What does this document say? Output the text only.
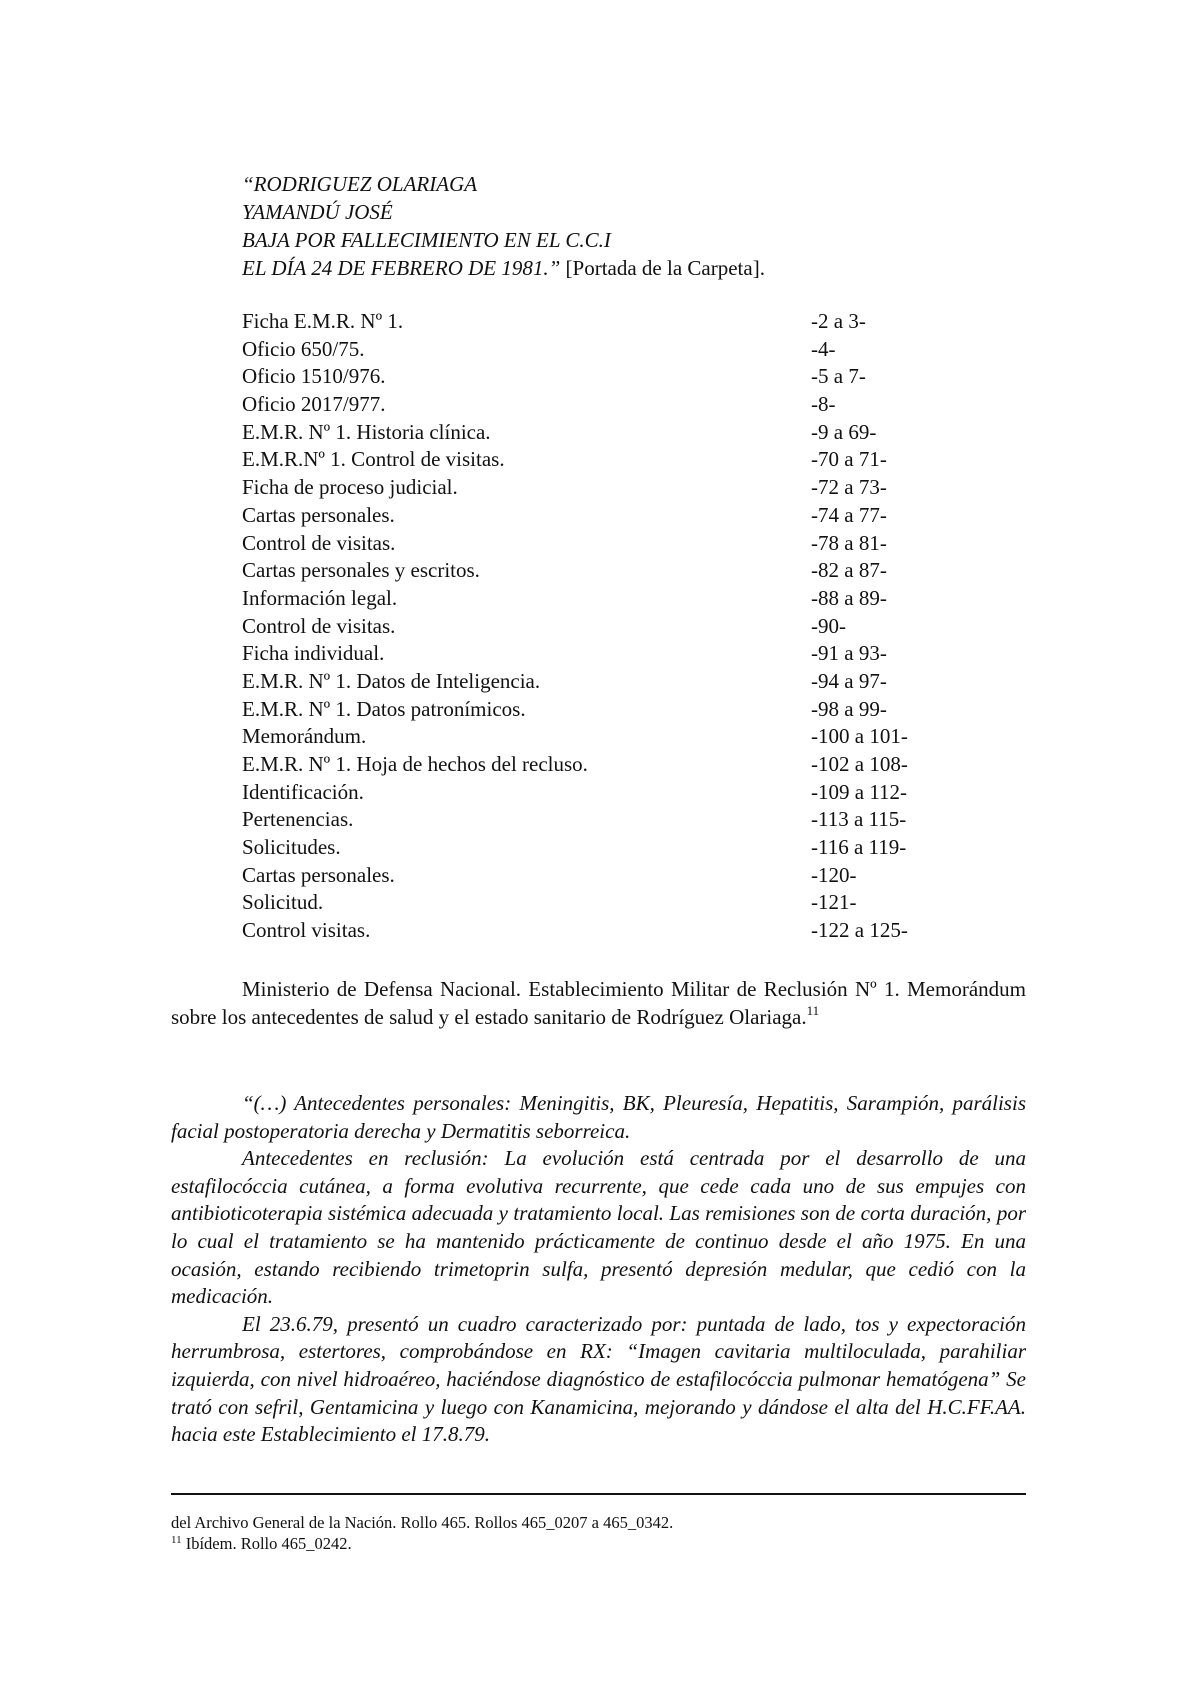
“RODRIGUEZ OLARIAGA
YAMANDÚ JOSÉ
BAJA POR FALLECIMIENTO EN EL C.C.I
EL DÍA 24 DE FEBRERO DE 1981.” [Portada de la Carpeta].
Ficha E.M.R. Nº 1.	-2 a 3-
Oficio 650/75.	-4-
Oficio 1510/976.	-5 a 7-
Oficio 2017/977.	-8-
E.M.R. Nº 1. Historia clínica.	-9 a 69-
E.M.R.Nº 1. Control de visitas.	-70 a 71-
Ficha de proceso judicial.	-72 a 73-
Cartas personales.	-74 a 77-
Control de visitas.	-78 a 81-
Cartas personales y escritos.	-82 a 87-
Información legal.	-88 a 89-
Control de visitas.	-90-
Ficha individual.	-91 a 93-
E.M.R. Nº 1. Datos de Inteligencia.	-94 a 97-
E.M.R. Nº 1. Datos patronímicos.	-98 a 99-
Memorándum.	-100 a 101-
E.M.R. Nº 1. Hoja de hechos del recluso.	-102 a 108-
Identificación.	-109 a 112-
Pertenencias.	-113 a 115-
Solicitudes.	-116 a 119-
Cartas personales.	-120-
Solicitud.	-121-
Control visitas.	-122 a 125-

Ministerio de Defensa Nacional. Establecimiento Militar de Reclusión Nº 1. Memorándum sobre los antecedentes de salud y el estado sanitario de Rodríguez Olariaga.$^{11}$

“(…) Antecedentes personales: Meningitis, BK, Pleuresía, Hepatitis, Sarampión, parálisis facial postoperatoria derecha y Dermatitis seborreica.

Antecedentes en reclusión: La evolución está centrada por el desarrollo de una estafilocóccia cutánea, a forma evolutiva recurrente, que cede cada uno de sus empujes con antibioticoterapia sistémica adecuada y tratamiento local. Las remisiones son de corta duración, por lo cual el tratamiento se ha mantenido prácticamente de continuo desde el año 1975. En una ocasión, estando recibiendo trimetoprin sulfa, presentó depresión medular, que cedió con la medicación.

El 23.6.79, presentó un cuadro caracterizado por: puntada de lado, tos y expectoración herrumbrosa, estertores, comprobándose en RX: “Imagen cavitaria multiloculada, parahiliar izquierda, con nivel hidroaéreo, haciéndose diagnóstico de estafilocóccia pulmonar hematógena” Se trató con sefril, Gentamicina y luego con Kanamicina, mejorando y dándose el alta del H.C.FF.AA. hacia este Establecimiento el 17.8.79.

del Archivo General de la Nación. Rollo 465. Rollos 465_0207 a 465_0342.
$^{11}$ Ibídem. Rollo 465_0242.
